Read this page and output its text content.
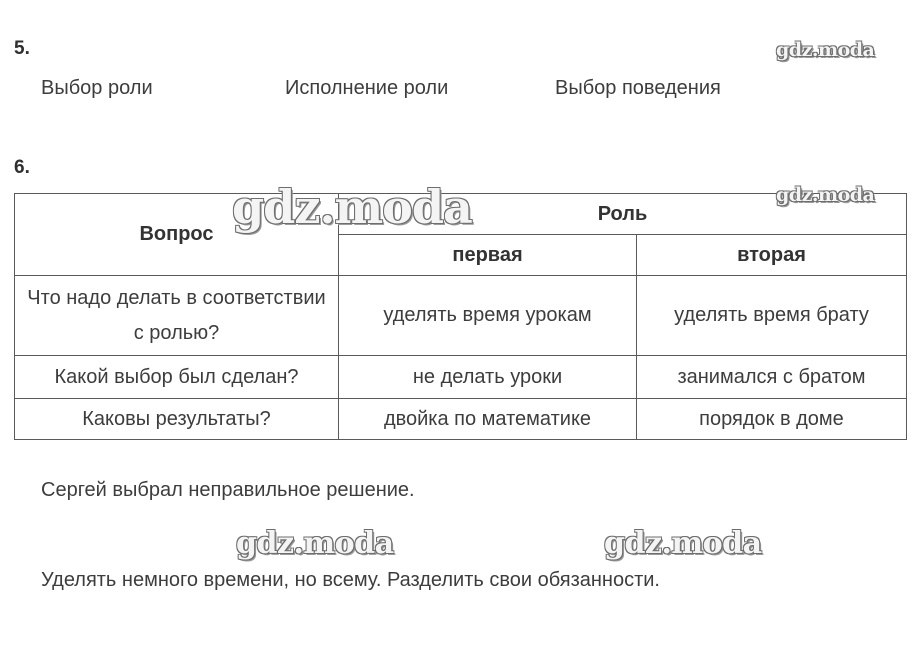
5.
Выбор роли	Исполнение роли	Выбор поведения
6.
Вопрос	Роль	
	первая	вторая
Что надо делать в соответствии с ролью?	уделять время урокам	уделять время брату
Какой выбор был сделан?	не делать уроки	занимался с братом
Каковы результаты?	двойка по математике	порядок в доме
Сергей выбрал неправильное решение.
Уделять немного времени, но всему. Разделить свои обязанности.
gdz.moda
gdz.moda
gdz.moda
gdz.moda	gdz.moda
